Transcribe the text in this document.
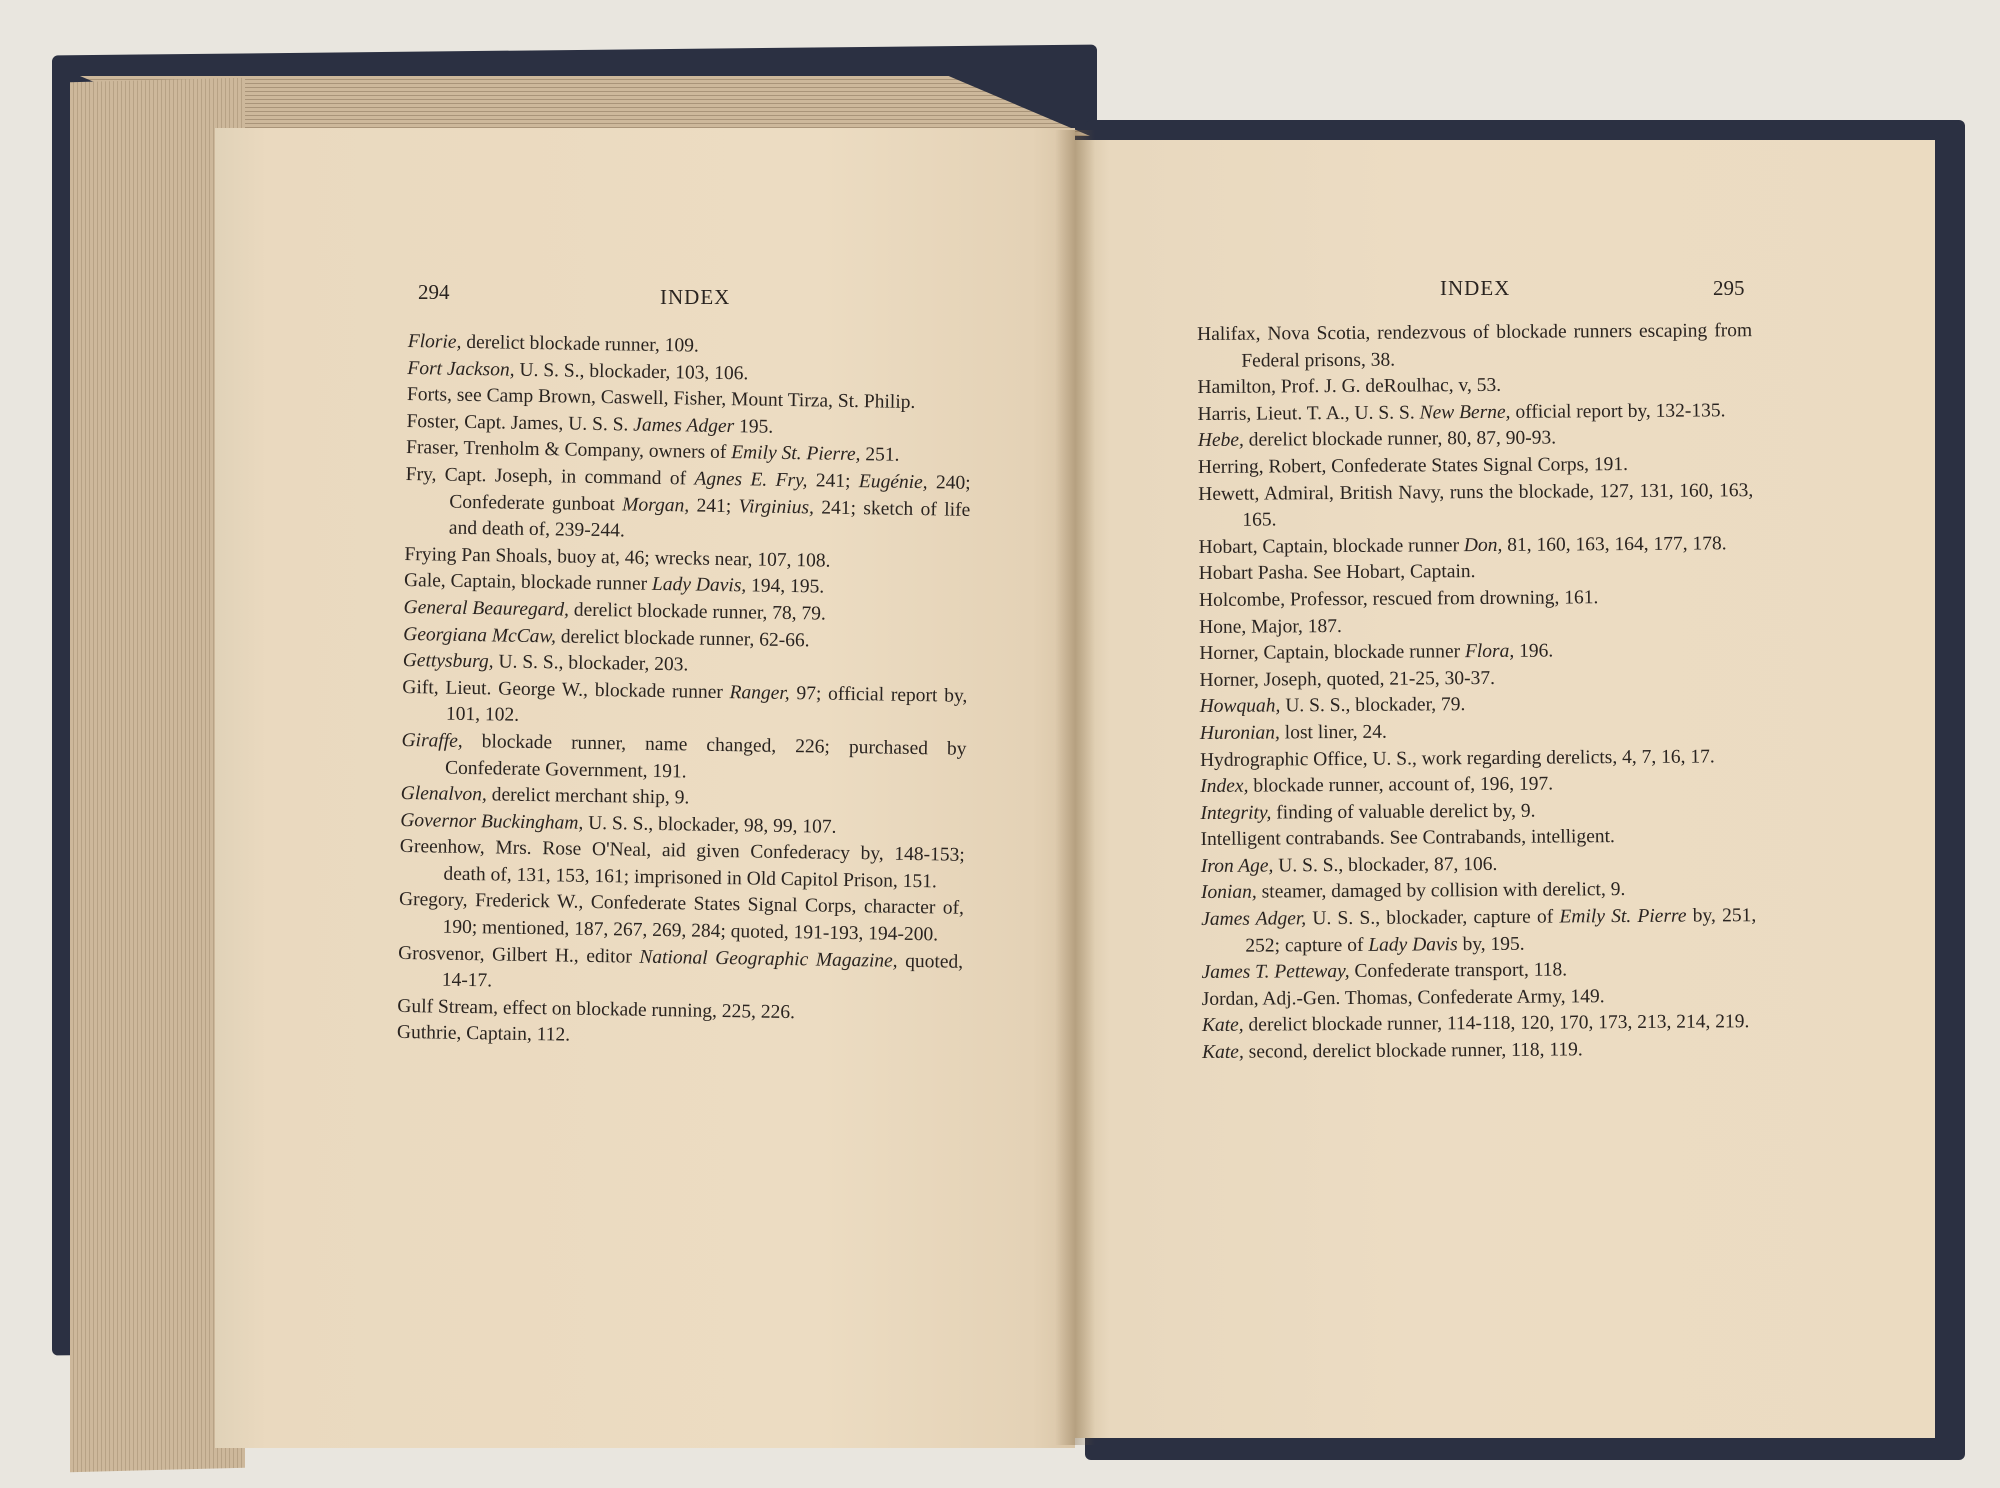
294	INDEX	INDEX	295
Florie, derelict blockade runner, 109.
Fort Jackson, U. S. S., blockader, 103, 106.
Forts, see Camp Brown, Caswell, Fisher, Mount Tirza, St. Philip.
Foster, Capt. James, U. S. S. James Adger 195.
Fraser, Trenholm & Company, owners of Emily St. Pierre, 251.
Fry, Capt. Joseph, in command of Agnes E. Fry, 241; Eugénie, 240; Confederate gunboat Morgan, 241; Virginius, 241; sketch of life and death of, 239-244.
Frying Pan Shoals, buoy at, 46; wrecks near, 107, 108.
Gale, Captain, blockade runner Lady Davis, 194, 195.
General Beauregard, derelict blockade runner, 78, 79.
Georgiana McCaw, derelict blockade runner, 62-66.
Gettysburg, U. S. S., blockader, 203.
Gift, Lieut. George W., blockade runner Ranger, 97; official report by, 101, 102.
Giraffe, blockade runner, name changed, 226; purchased by Confederate Government, 191.
Glenalvon, derelict merchant ship, 9.
Governor Buckingham, U. S. S., blockader, 98, 99, 107.
Greenhow, Mrs. Rose O'Neal, aid given Confederacy by, 148-153; death of, 131, 153, 161; imprisoned in Old Capitol Prison, 151.
Gregory, Frederick W., Confederate States Signal Corps, character of, 190; mentioned, 187, 267, 269, 284; quoted, 191-193, 194-200.
Grosvenor, Gilbert H., editor National Geographic Magazine, quoted, 14-17.
Gulf Stream, effect on blockade running, 225, 226.
Guthrie, Captain, 112.
Halifax, Nova Scotia, rendezvous of blockade runners escaping from Federal prisons, 38.
Hamilton, Prof. J. G. deRoulhac, v, 53.
Harris, Lieut. T. A., U. S. S. New Berne, official report by, 132-135.
Hebe, derelict blockade runner, 80, 87, 90-93.
Herring, Robert, Confederate States Signal Corps, 191.
Hewett, Admiral, British Navy, runs the blockade, 127, 131, 160, 163, 165.
Hobart, Captain, blockade runner Don, 81, 160, 163, 164, 177, 178.
Hobart Pasha. See Hobart, Captain.
Holcombe, Professor, rescued from drowning, 161.
Hone, Major, 187.
Horner, Captain, blockade runner Flora, 196.
Horner, Joseph, quoted, 21-25, 30-37.
Howquah, U. S. S., blockader, 79.
Huronian, lost liner, 24.
Hydrographic Office, U. S., work regarding derelicts, 4, 7, 16, 17.
Index, blockade runner, account of, 196, 197.
Integrity, finding of valuable derelict by, 9.
Intelligent contrabands. See Contrabands, intelligent.
Iron Age, U. S. S., blockader, 87, 106.
Ionian, steamer, damaged by collision with derelict, 9.
James Adger, U. S. S., blockader, capture of Emily St. Pierre by, 251, 252; capture of Lady Davis by, 195.
James T. Petteway, Confederate transport, 118.
Jordan, Adj.-Gen. Thomas, Confederate Army, 149.
Kate, derelict blockade runner, 114-118, 120, 170, 173, 213, 214, 219.
Kate, second, derelict blockade runner, 118, 119.
